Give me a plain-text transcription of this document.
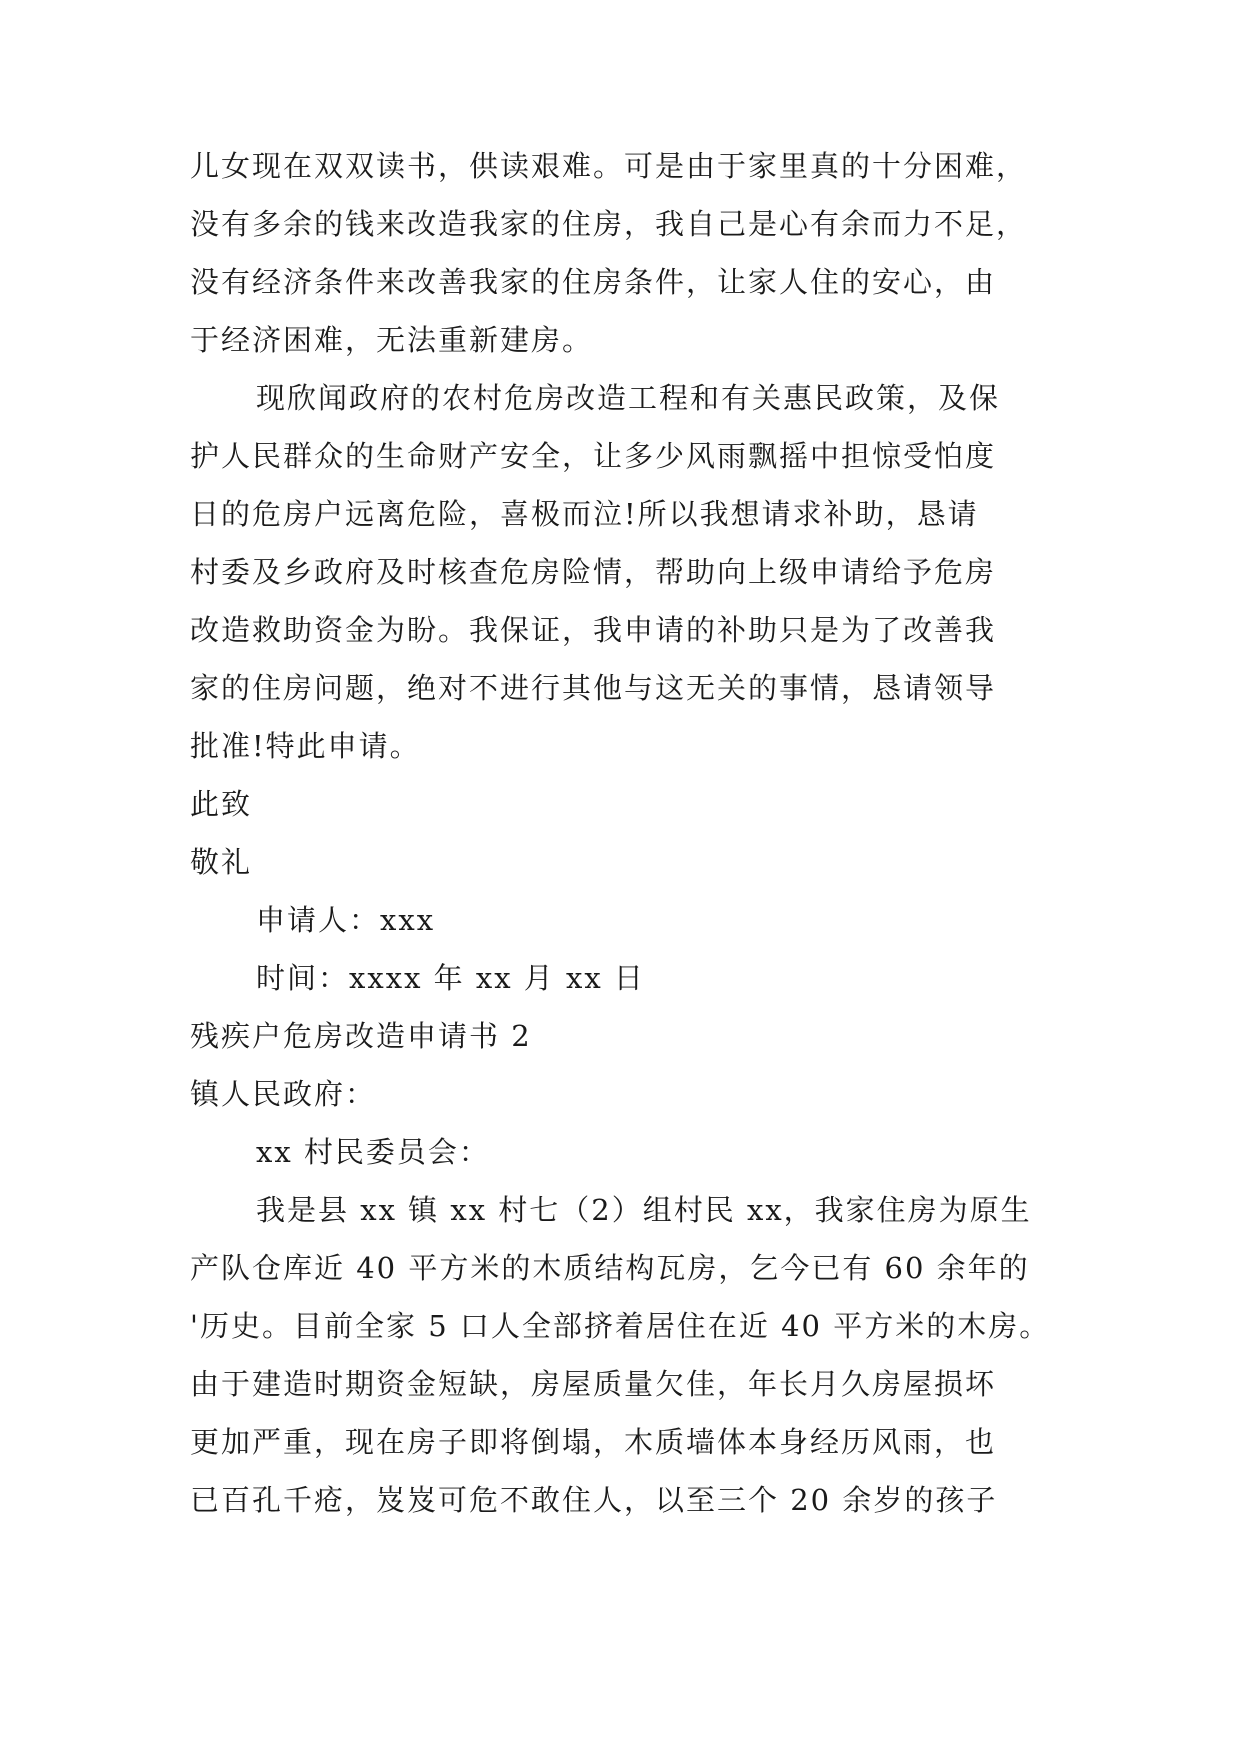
儿女现在双双读书，供读艰难。可是由于家里真的十分困难，
没有多余的钱来改造我家的住房，我自己是心有余而力不足，
没有经济条件来改善我家的住房条件，让家人住的安心，由
于经济困难，无法重新建房。
现欣闻政府的农村危房改造工程和有关惠民政策，及保
护人民群众的生命财产安全，让多少风雨飘摇中担惊受怕度
日的危房户远离危险，喜极而泣!所以我想请求补助，恳请
村委及乡政府及时核查危房险情，帮助向上级申请给予危房
改造救助资金为盼。我保证，我申请的补助只是为了改善我
家的住房问题，绝对不进行其他与这无关的事情，恳请领导
批准!特此申请。
此致
敬礼
申请人：xxx
时间：xxxx 年 xx 月 xx 日
残疾户危房改造申请书 2
镇人民政府：
xx 村民委员会：
我是县 xx 镇 xx 村七（2）组村民 xx，我家住房为原生
产队仓库近 40 平方米的木质结构瓦房，乞今已有 60 余年的
'历史。目前全家 5 口人全部挤着居住在近 40 平方米的木房。
由于建造时期资金短缺，房屋质量欠佳，年长月久房屋损坏
更加严重，现在房子即将倒塌，木质墙体本身经历风雨，也
已百孔千疮，岌岌可危不敢住人，以至三个 20 余岁的孩子
